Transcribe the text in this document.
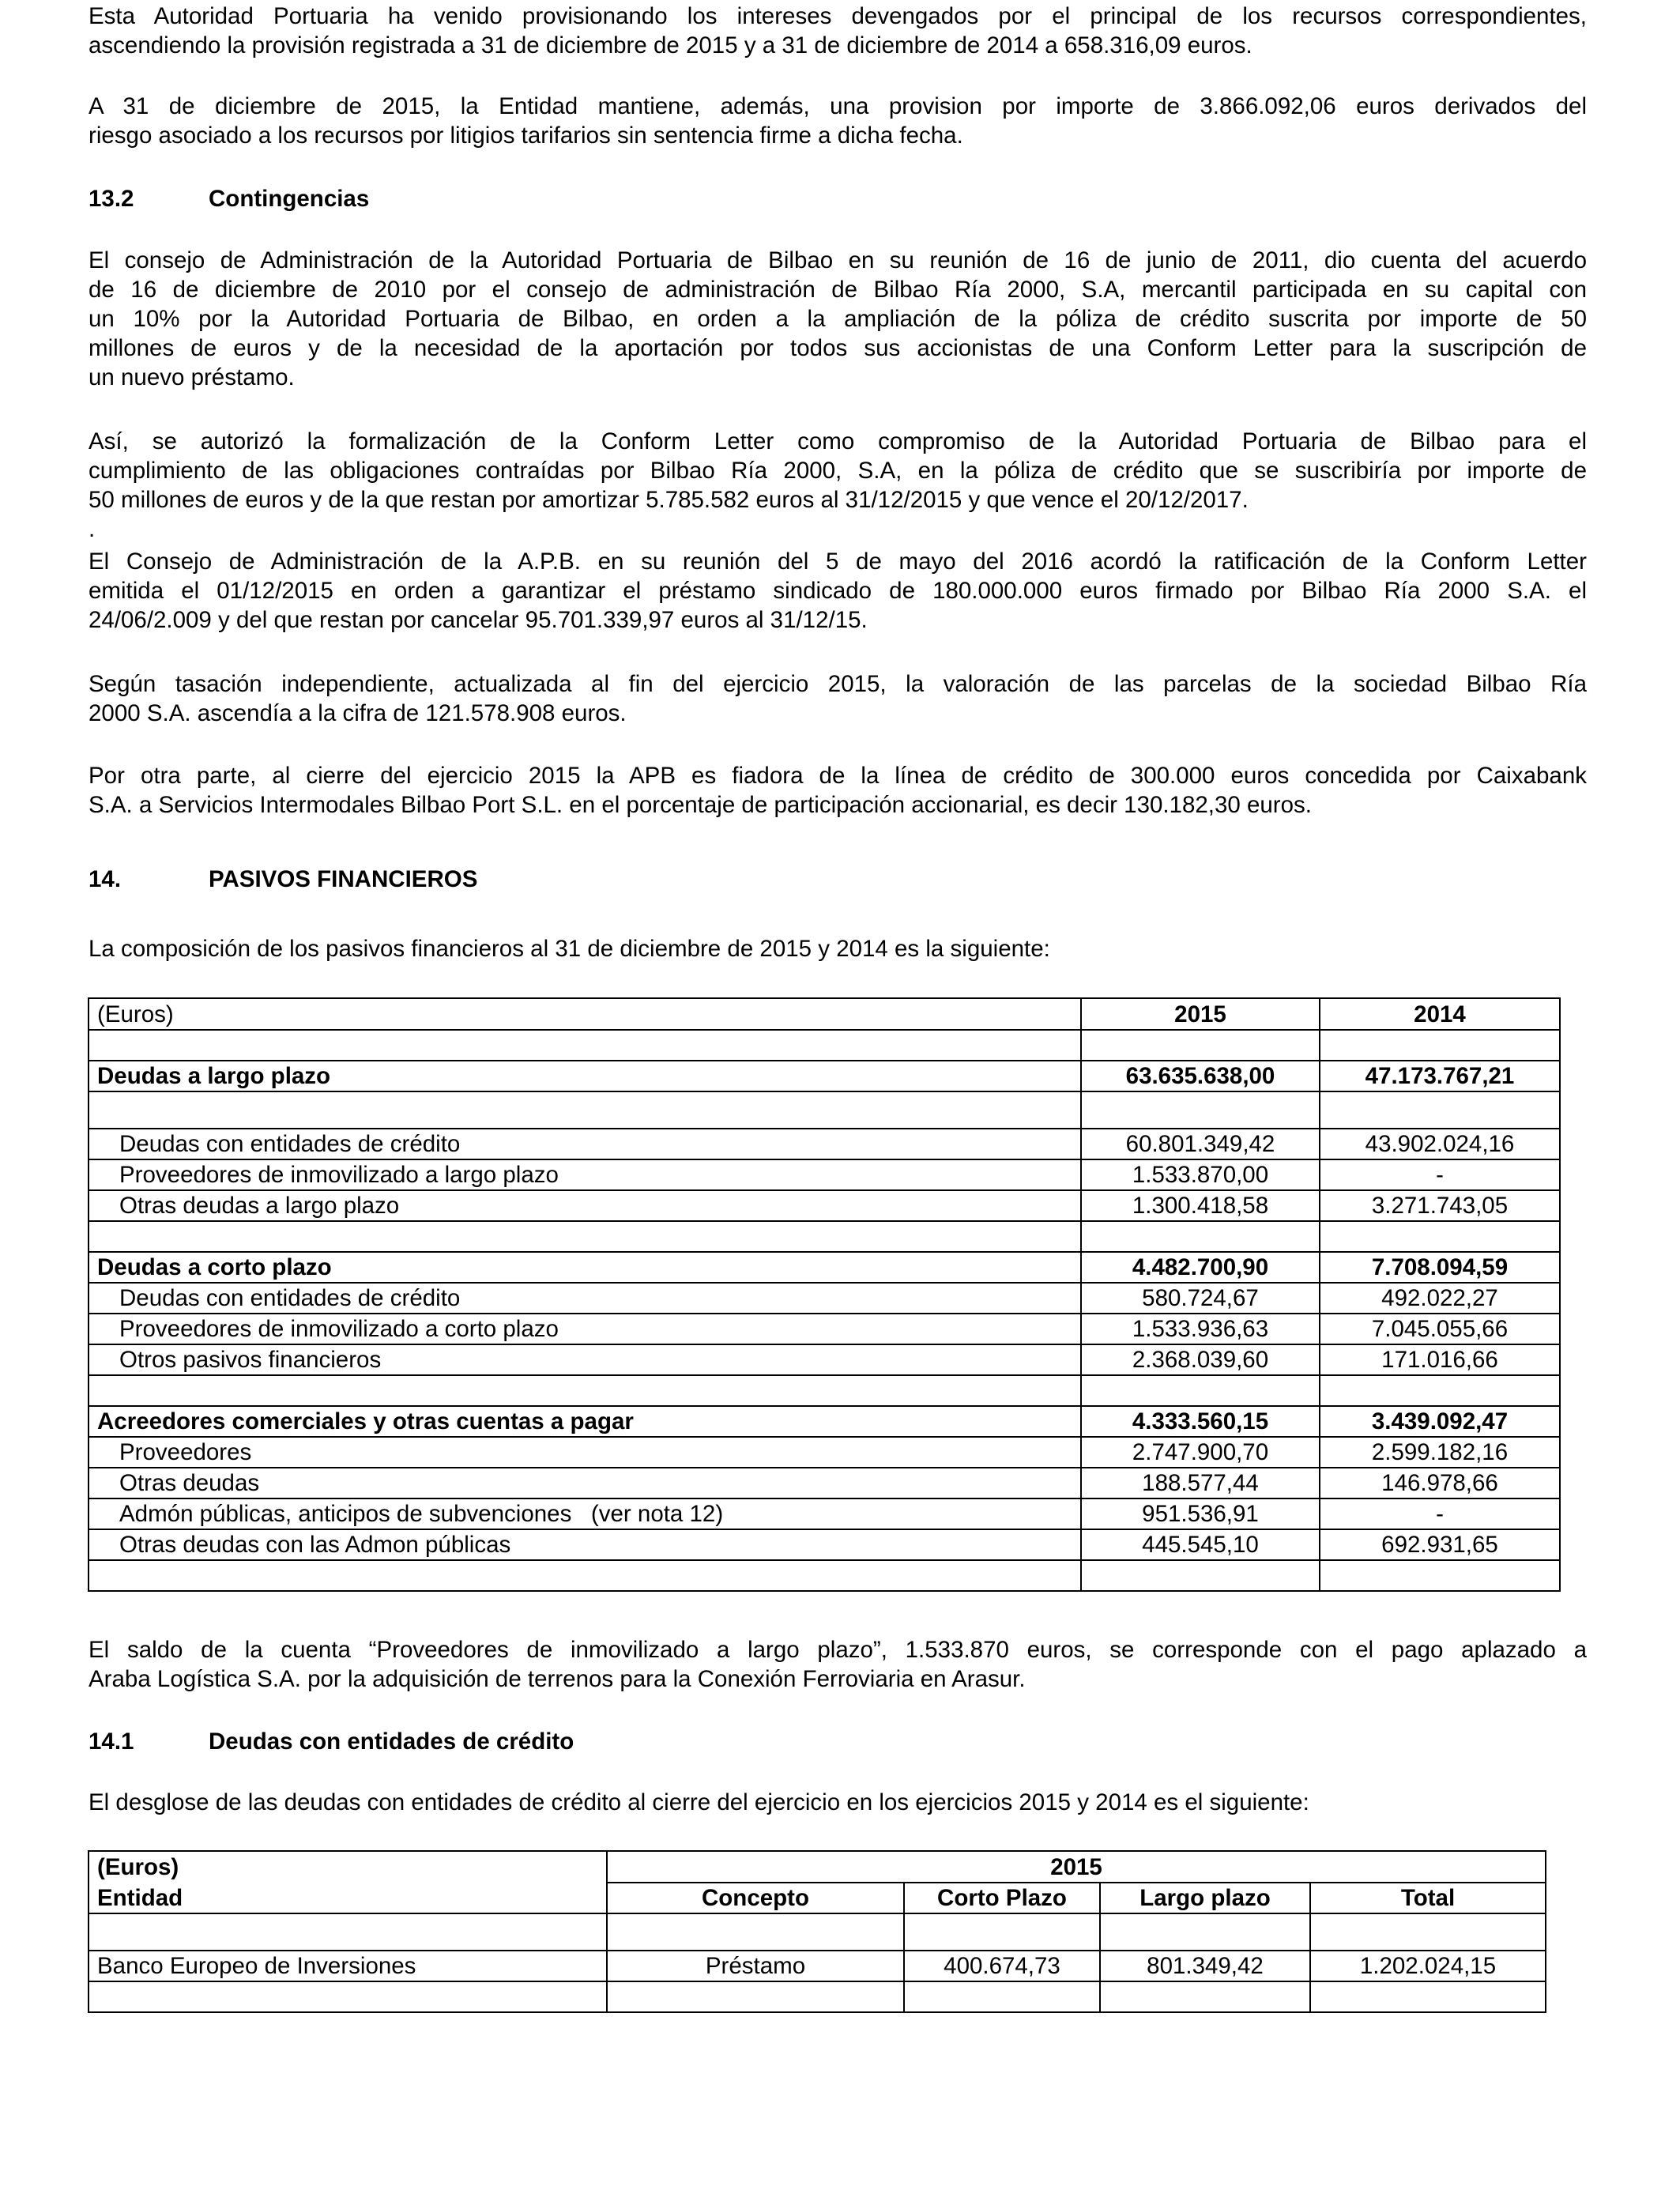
Esta Autoridad Portuaria ha venido provisionando los intereses devengados por el principal de los recursos correspondientes,
ascendiendo la provisión registrada a 31 de diciembre de 2015 y a 31 de diciembre de 2014 a 658.316,09 euros.
A 31 de diciembre de 2015, la Entidad mantiene, además, una provision por importe de 3.866.092,06 euros derivados del
riesgo asociado a los recursos por litigios tarifarios sin sentencia firme a dicha fecha.
13.2	Contingencias
El consejo de Administración de la Autoridad Portuaria de Bilbao en su reunión de 16 de junio de 2011, dio cuenta del acuerdo
de 16 de diciembre de 2010 por el consejo de administración de Bilbao Ría 2000, S.A, mercantil participada en su capital con
un 10% por la Autoridad Portuaria de Bilbao, en orden a la ampliación de la póliza de crédito suscrita por importe de 50
millones de euros y de la necesidad de la aportación por todos sus accionistas de una Conform Letter para la suscripción de
un nuevo préstamo.
Así, se autorizó la formalización de la Conform Letter como compromiso de la Autoridad Portuaria de Bilbao para el
cumplimiento de las obligaciones contraídas por Bilbao Ría 2000, S.A, en la póliza de crédito que se suscribiría por importe de
50 millones de euros y de la que restan por amortizar 5.785.582 euros al 31/12/2015 y que vence el 20/12/2017.
.
El Consejo de Administración de la A.P.B. en su reunión del 5 de mayo del 2016 acordó la ratificación de la Conform Letter
emitida el 01/12/2015 en orden a garantizar el préstamo sindicado de 180.000.000 euros firmado por Bilbao Ría 2000 S.A. el
24/06/2.009 y del que restan por cancelar 95.701.339,97 euros al 31/12/15.
Según tasación independiente, actualizada al fin del ejercicio 2015, la valoración de las parcelas de la sociedad Bilbao Ría
2000 S.A. ascendía a la cifra de 121.578.908 euros.
Por otra parte, al cierre del ejercicio 2015 la APB es fiadora de la línea de crédito de 300.000 euros concedida por Caixabank
S.A. a Servicios Intermodales Bilbao Port S.L. en el porcentaje de participación accionarial, es decir 130.182,30 euros.
14.	PASIVOS FINANCIEROS
La composición de los pasivos financieros al 31 de diciembre de 2015 y 2014 es la siguiente:
(Euros)	2015	2014

Deudas a largo plazo	63.635.638,00	47.173.767,21

Deudas con entidades de crédito	60.801.349,42	43.902.024,16
Proveedores de inmovilizado a largo plazo	1.533.870,00	-
Otras deudas a largo plazo	1.300.418,58	3.271.743,05

Deudas a corto plazo	4.482.700,90	7.708.094,59
Deudas con entidades de crédito	580.724,67	492.022,27
Proveedores de inmovilizado a corto plazo	1.533.936,63	7.045.055,66
Otros pasivos financieros	2.368.039,60	171.016,66

Acreedores comerciales y otras cuentas a pagar	4.333.560,15	3.439.092,47
Proveedores	2.747.900,70	2.599.182,16
Otras deudas	188.577,44	146.978,66
Admón públicas, anticipos de subvenciones   (ver nota 12)	951.536,91	-
Otras deudas con las Admon públicas	445.545,10	692.931,65

El saldo de la cuenta “Proveedores de inmovilizado a largo plazo”, 1.533.870 euros, se corresponde con el pago aplazado a
Araba Logística S.A. por la adquisición de terrenos para la Conexión Ferroviaria en Arasur.
14.1	Deudas con entidades de crédito
El desglose de las deudas con entidades de crédito al cierre del ejercicio en los ejercicios 2015 y 2014 es el siguiente:
(Euros)	2015			
Entidad	Concepto	Corto Plazo	Largo plazo	Total

Banco Europeo de Inversiones	Préstamo	400.674,73	801.349,42	1.202.024,15
